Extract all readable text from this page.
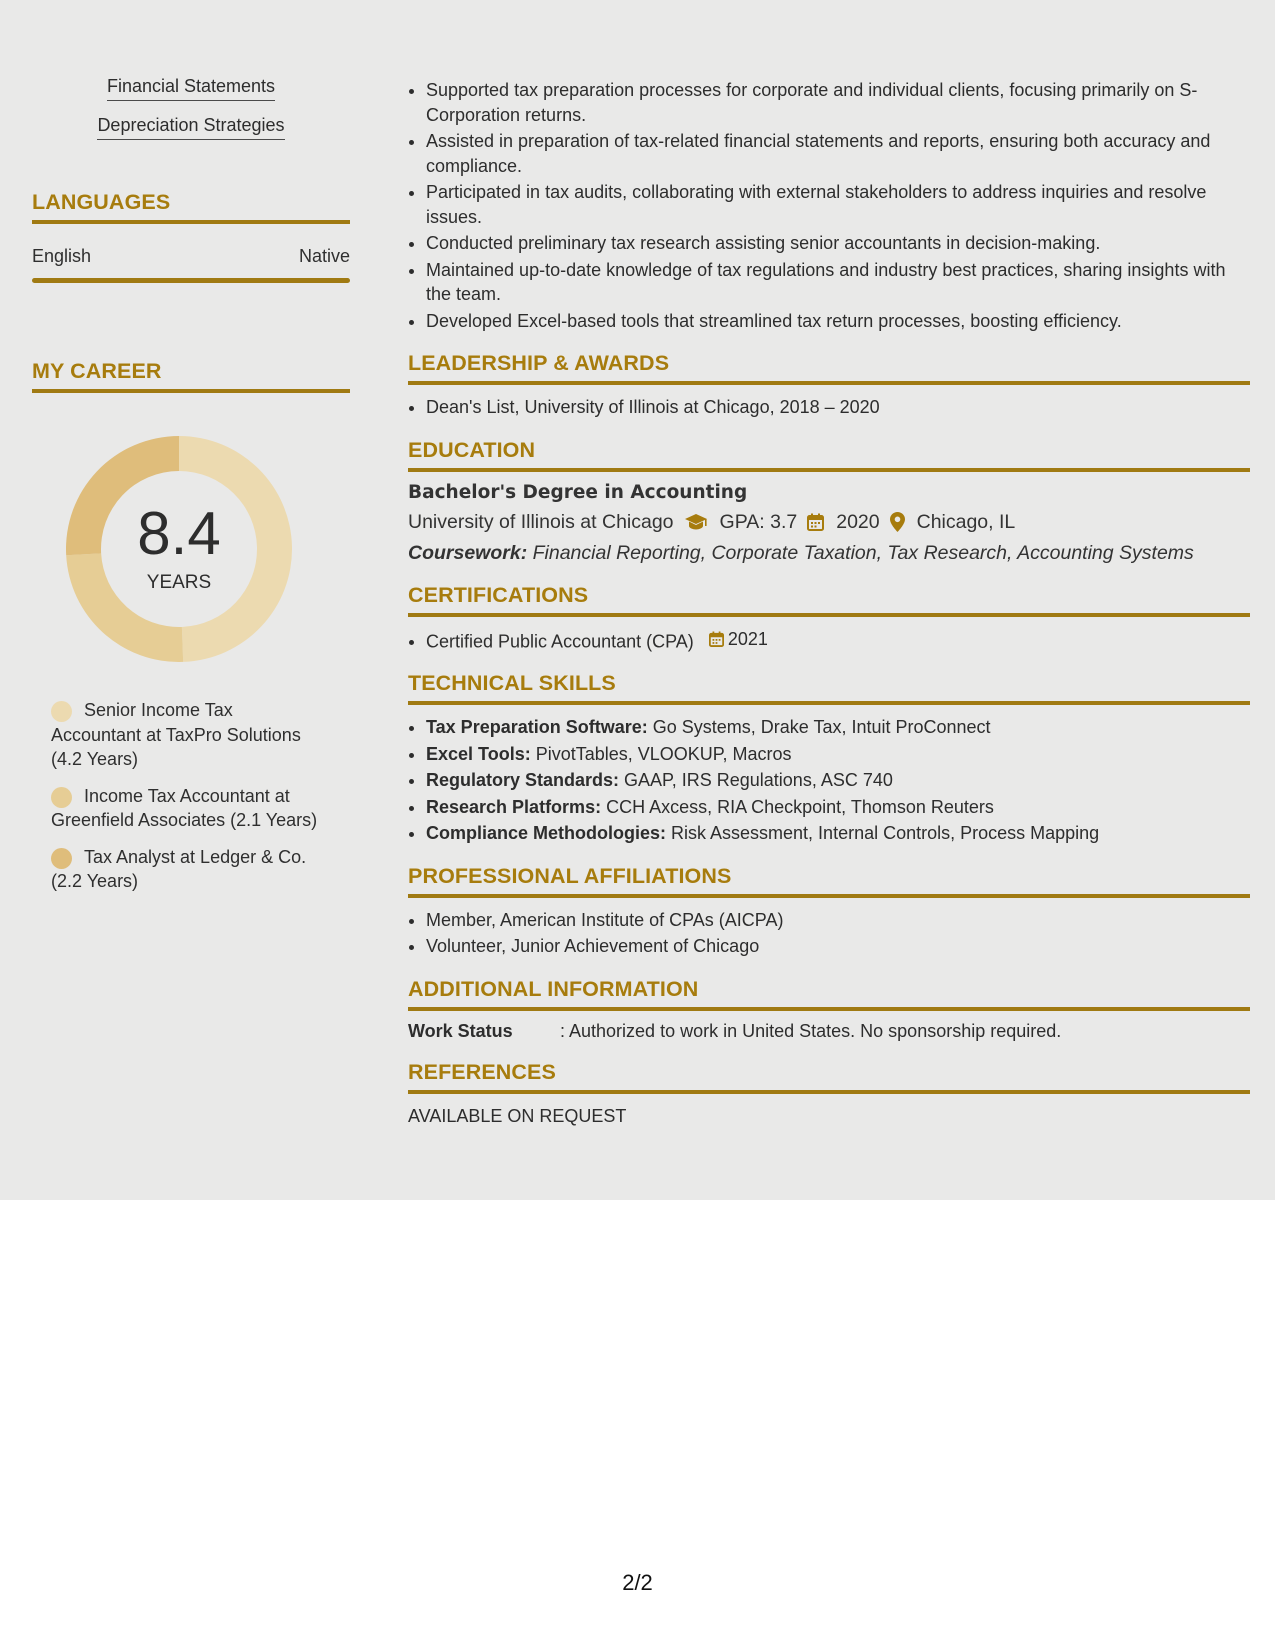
Financial Statements
Depreciation Strategies
LANGUAGES
English	Native
MY CAREER
8.4
YEARS
Senior Income Tax Accountant at TaxPro Solutions (4.2 Years)
Income Tax Accountant at Greenfield Associates (2.1 Years)
Tax Analyst at Ledger & Co. (2.2 Years)
• Supported tax preparation processes for corporate and individual clients, focusing primarily on S-Corporation returns.
• Assisted in preparation of tax-related financial statements and reports, ensuring both accuracy and compliance.
• Participated in tax audits, collaborating with external stakeholders to address inquiries and resolve issues.
• Conducted preliminary tax research assisting senior accountants in decision-making.
• Maintained up-to-date knowledge of tax regulations and industry best practices, sharing insights with the team.
• Developed Excel-based tools that streamlined tax return processes, boosting efficiency.
LEADERSHIP & AWARDS
• Dean's List, University of Illinois at Chicago, 2018 – 2020
EDUCATION
Bachelor's Degree in Accounting
University of Illinois at Chicago GPA: 3.7 2020 Chicago, IL
Coursework: Financial Reporting, Corporate Taxation, Tax Research, Accounting Systems
CERTIFICATIONS
• Certified Public Accountant (CPA) 2021
TECHNICAL SKILLS
• Tax Preparation Software: Go Systems, Drake Tax, Intuit ProConnect
• Excel Tools: PivotTables, VLOOKUP, Macros
• Regulatory Standards: GAAP, IRS Regulations, ASC 740
• Research Platforms: CCH Axcess, RIA Checkpoint, Thomson Reuters
• Compliance Methodologies: Risk Assessment, Internal Controls, Process Mapping
PROFESSIONAL AFFILIATIONS
• Member, American Institute of CPAs (AICPA)
• Volunteer, Junior Achievement of Chicago
ADDITIONAL INFORMATION
Work Status	: Authorized to work in United States. No sponsorship required.
REFERENCES
AVAILABLE ON REQUEST
2/2
